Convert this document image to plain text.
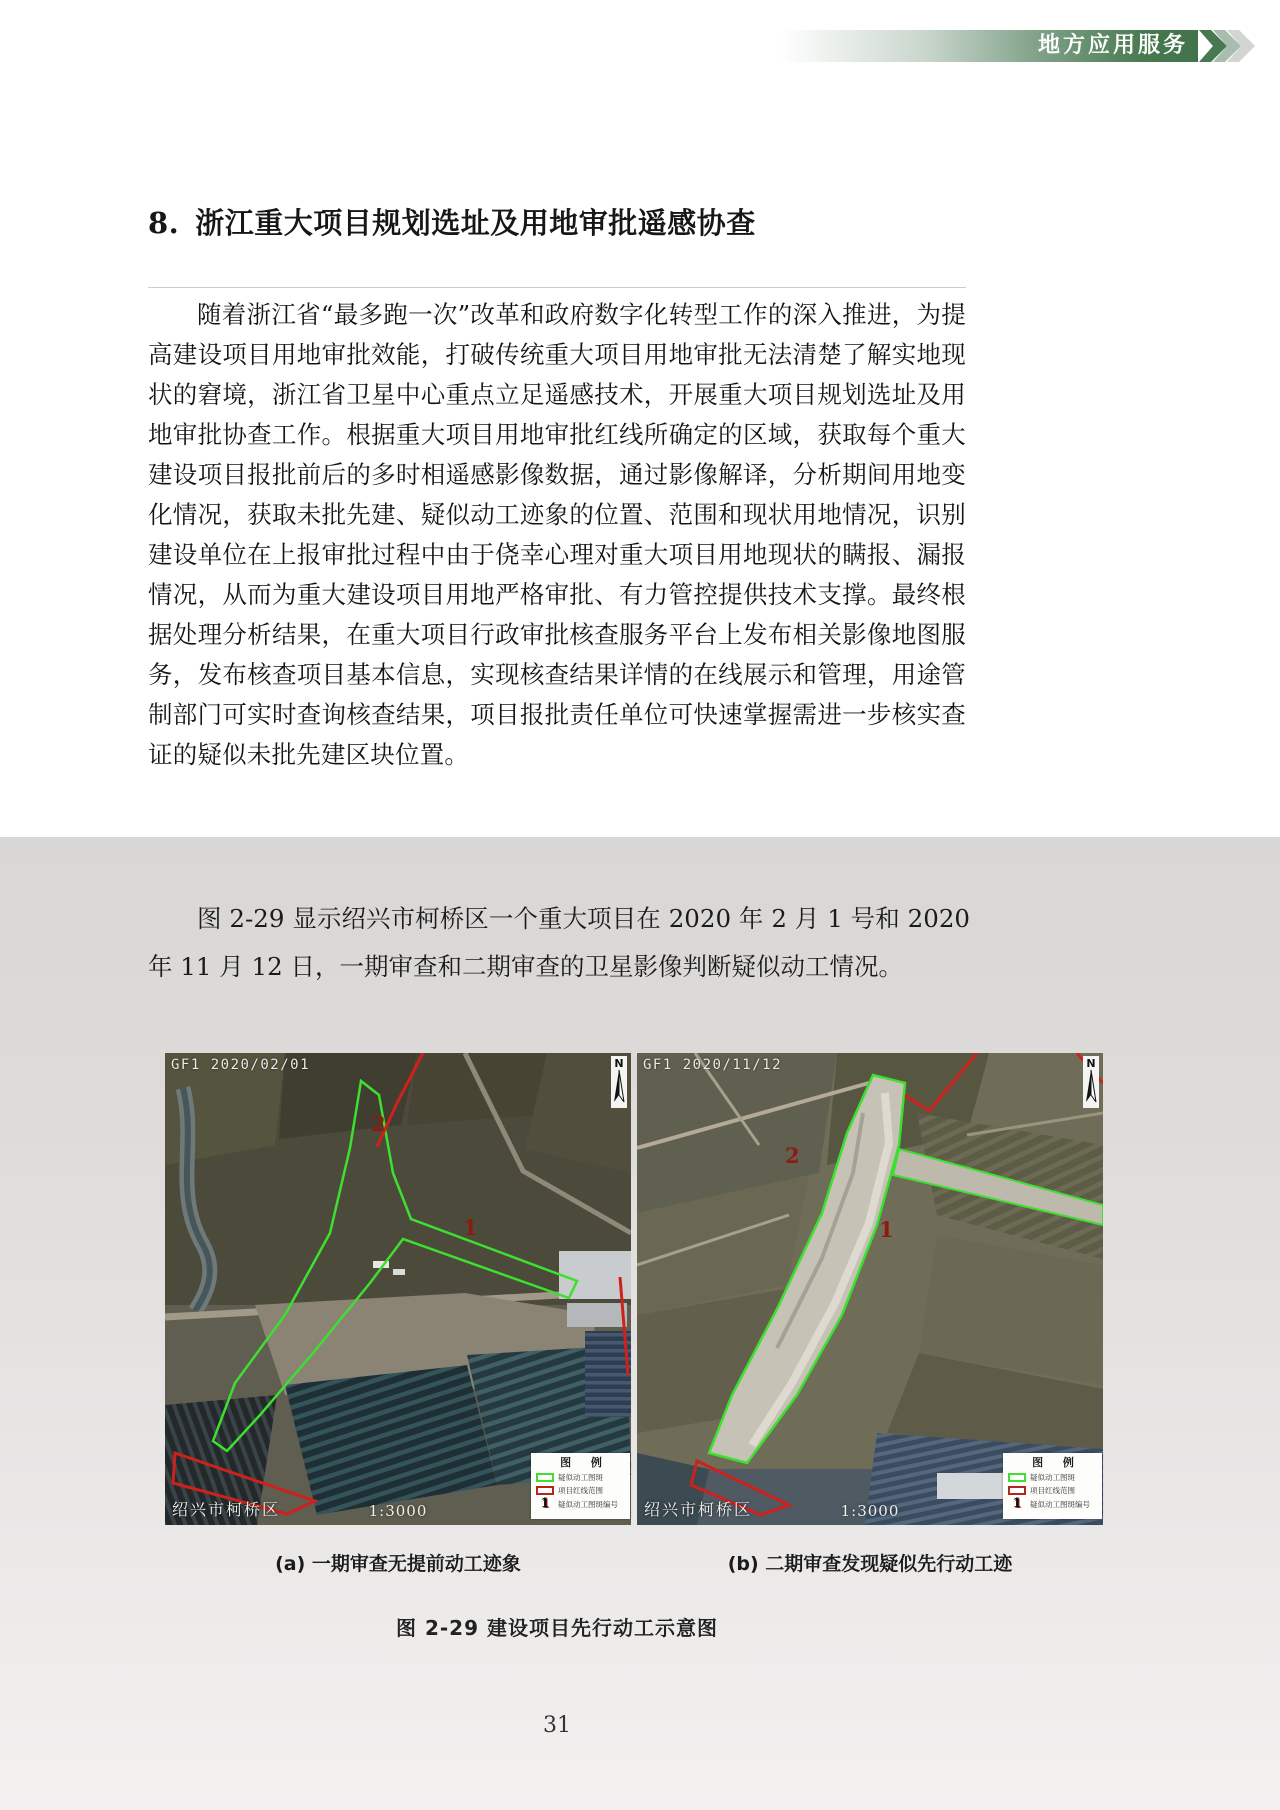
地方应用服务
8. 浙江重大项目规划选址及用地审批遥感协查

随着浙江省“最多跑一次”改革和政府数字化转型工作的深入推进，为提高建设项目用地审批效能，打破传统重大项目用地审批无法清楚了解实地现状的窘境，浙江省卫星中心重点立足遥感技术，开展重大项目规划选址及用地审批协查工作。根据重大项目用地审批红线所确定的区域，获取每个重大建设项目报批前后的多时相遥感影像数据，通过影像解译，分析期间用地变化情况，获取未批先建、疑似动工迹象的位置、范围和现状用地情况，识别建设单位在上报审批过程中由于侥幸心理对重大项目用地现状的瞒报、漏报情况，从而为重大建设项目用地严格审批、有力管控提供技术支撑。最终根据处理分析结果，在重大项目行政审批核查服务平台上发布相关影像地图服务，发布核查项目基本信息，实现核查结果详情的在线展示和管理，用途管制部门可实时查询核查结果，项目报批责任单位可快速掌握需进一步核实查证的疑似未批先建区块位置。

图 2-29 显示绍兴市柯桥区一个重大项目在 2020 年 2 月 1 号和 2020 年 11 月 12 日，一期审查和二期审查的卫星影像判断疑似动工情况。

2
1
GF1 2020/02/01	N
绍兴市柯桥区	1:3000
图 例
疑似动工图斑
项目红线范围
1	疑似动工图斑编号
2
1
GF1 2020/11/12	N
绍兴市柯桥区	1:3000
图 例
疑似动工图斑
项目红线范围
1	疑似动工图斑编号
(a) 一期审查无提前动工迹象	(b) 二期审查发现疑似先行动工迹
图 2-29 建设项目先行动工示意图
31
